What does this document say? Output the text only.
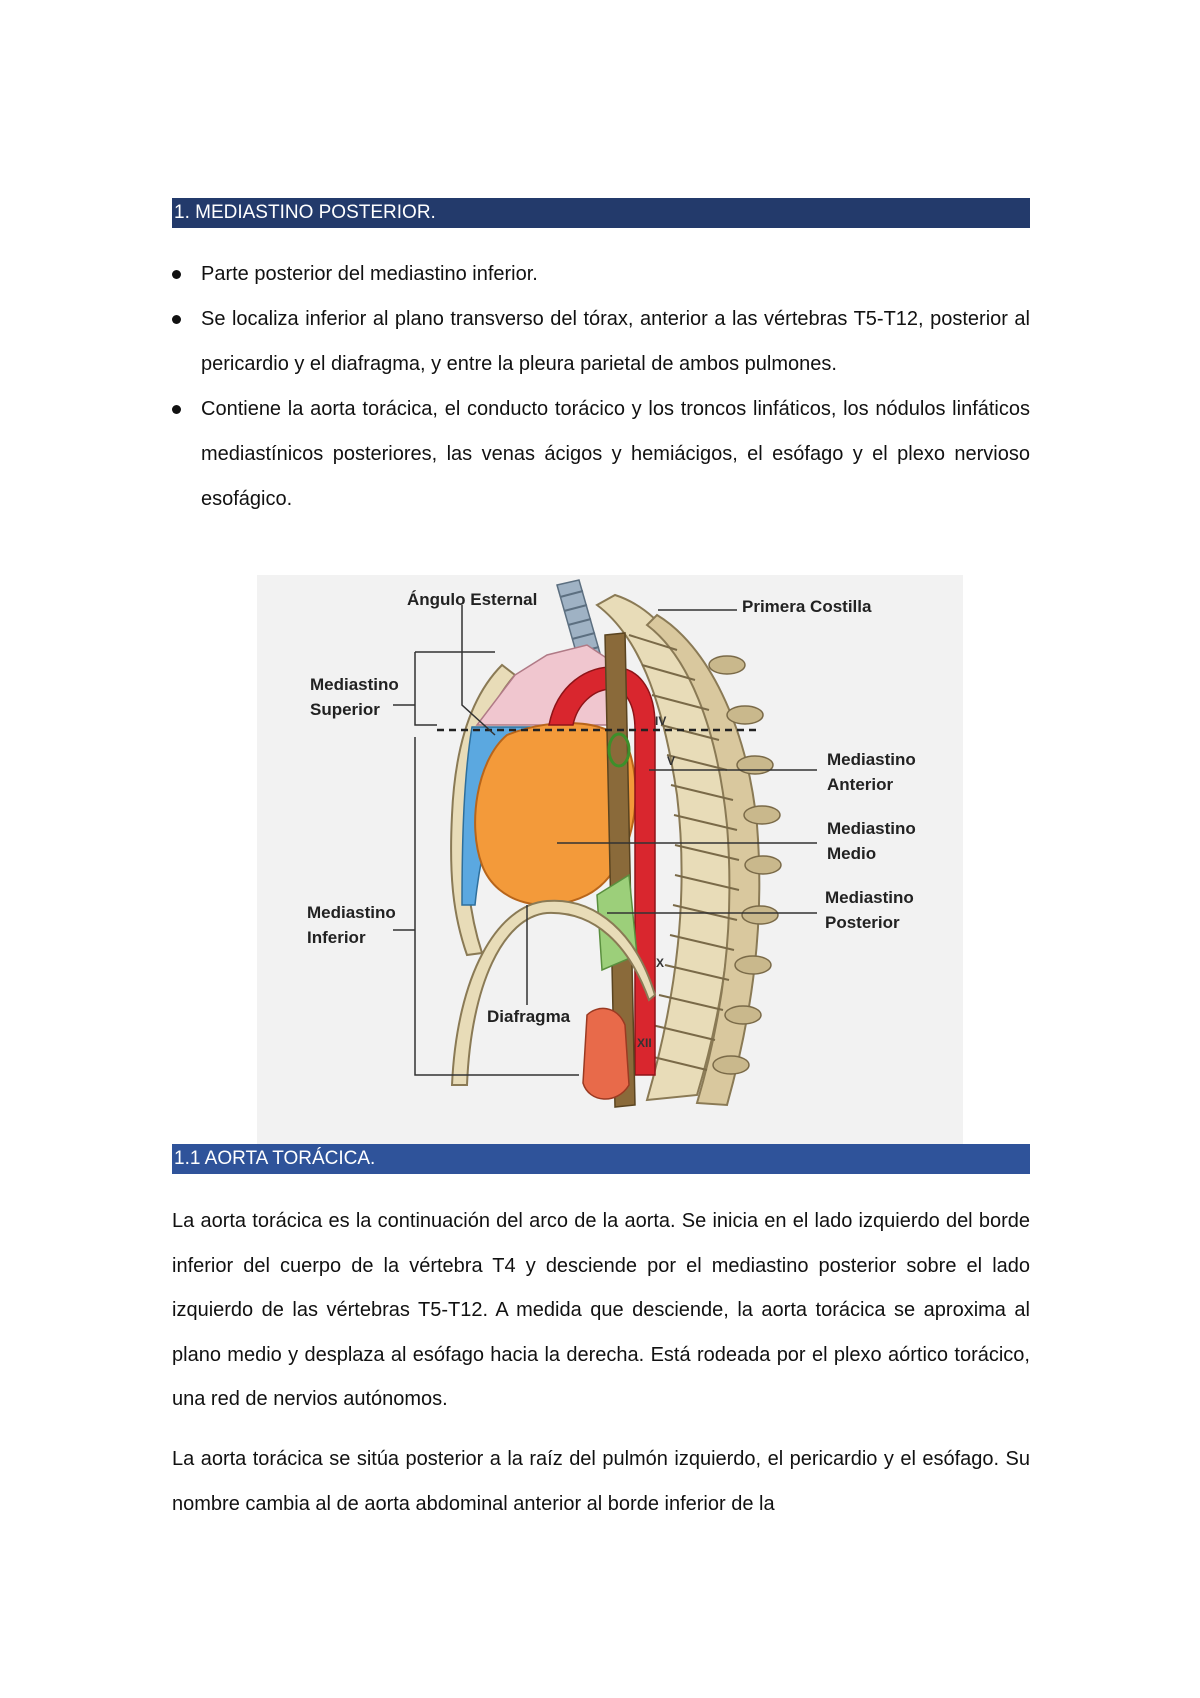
1. MEDIASTINO POSTERIOR.
Parte posterior del mediastino inferior.
Se localiza inferior al plano transverso del tórax, anterior a las vértebras T5-T12, posterior al pericardio y el diafragma, y entre la pleura parietal de ambos pulmones.
Contiene la aorta torácica, el conducto torácico y los troncos linfáticos, los nódulos linfáticos mediastínicos posteriores, las venas ácigos y hemiácigos, el esófago y el plexo nervioso esofágico.
IV
V
X
XII
Ángulo Esternal	Primera Costilla
Mediastino
Superior
Mediastino
Anterior
Mediastino
Medio
Mediastino
Posterior
Mediastino
Inferior
Diafragma
1.1 AORTA TORÁCICA.

La aorta torácica es la continuación del arco de la aorta. Se inicia en el lado izquierdo del borde inferior del cuerpo de la vértebra T4 y desciende por el mediastino posterior sobre el lado izquierdo de las vértebras T5-T12. A medida que desciende, la aorta torácica se aproxima al plano medio y desplaza al esófago hacia la derecha. Está rodeada por el plexo aórtico torácico, una red de nervios autónomos.

La aorta torácica se sitúa posterior a la raíz del pulmón izquierdo, el pericardio y el esófago. Su nombre cambia al de aorta abdominal anterior al borde inferior de la
